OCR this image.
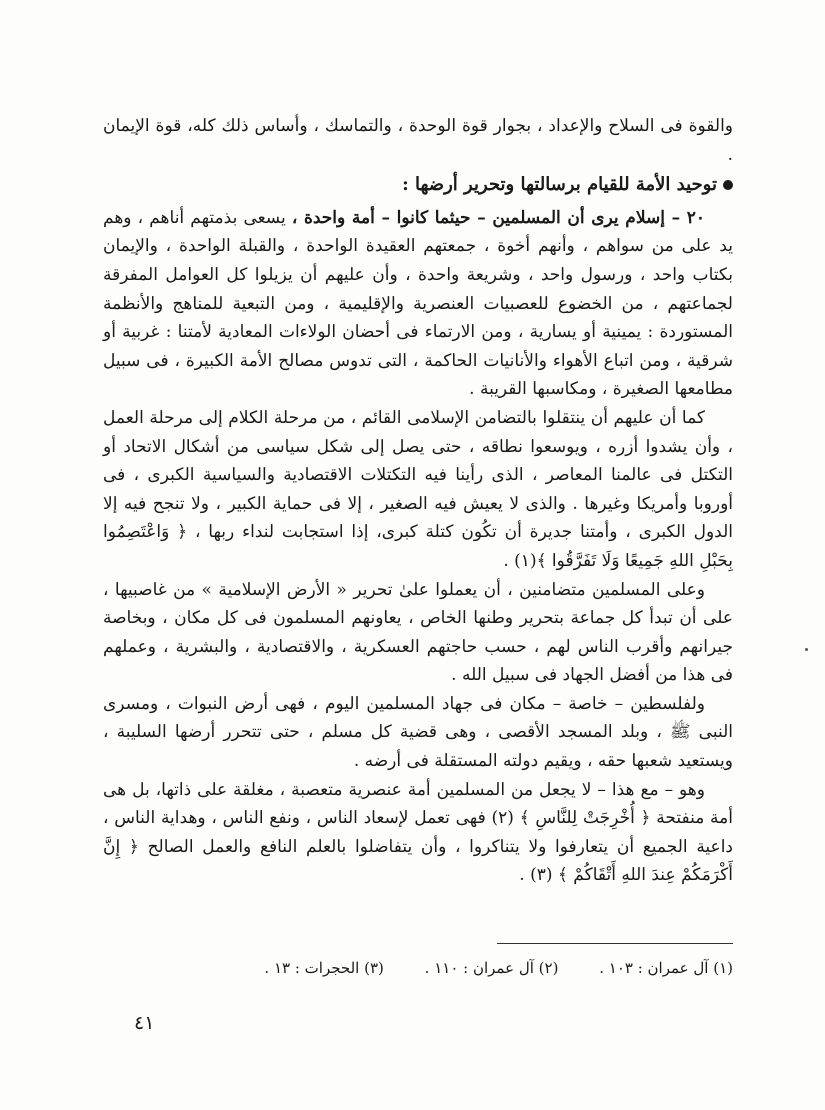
والقوة فى السلاح والإعداد ، بجوار قوة الوحدة ، والتماسك ، وأساس ذلك كله، قوة الإيمان .

توحيد الأمة للقيام برسالتها وتحرير أرضها :

٢٠ – إسلام يرى أن المسلمين – حيثما كانوا – أمة واحدة ، يسعى بذمتهم أناهم ، وهم يد على من سواهم ، وأنهم أخوة ، جمعتهم العقيدة الواحدة ، والقبلة الواحدة ، والإيمان بكتاب واحد ، ورسول واحد ، وشريعة واحدة ، وأن عليهم أن يزيلوا كل العوامل المفرقة لجماعتهم ، من الخضوع للعصبيات العنصرية والإقليمية ، ومن التبعية للمناهج والأنظمة المستوردة : يمينية أو يسارية ، ومن الارتماء فى أحضان الولاءات المعادية لأمتنا : غربية أو شرقية ، ومن اتباع الأهواء والأنانيات الحاكمة ، التى تدوس مصالح الأمة الكبيرة ، فى سبيل مطامعها الصغيرة ، ومكاسبها القريبة .

كما أن عليهم أن ينتقلوا بالتضامن الإسلامى القائم ، من مرحلة الكلام إلى مرحلة العمل ، وأن يشدوا أزره ، ويوسعوا نطاقه ، حتى يصل إلى شكل سياسى من أشكال الاتحاد أو التكتل فى عالمنا المعاصر ، الذى رأينا فيه التكتلات الاقتصادية والسياسية الكبرى ، فى أوروبا وأمريكا وغيرها . والذى لا يعيش فيه الصغير ، إلا فى حماية الكبير ، ولا تنجح فيه إلا الدول الكبرى ، وأمتنا جديرة أن تكُون كتلة كبرى، إذا استجابت لنداء ربها ، ﴿ وَاعْتَصِمُوا بِحَبْلِ اللهِ جَمِيعًا وَلَا تَفَرَّقُوا ﴾(١) .

وعلى المسلمين متضامنين ، أن يعملوا علىٰ تحرير « الأرض الإسلامية » من غاصبيها ، على أن تبدأ كل جماعة بتحرير وطنها الخاص ، يعاونهم المسلمون فى كل مكان ، وبخاصة جيرانهم وأقرب الناس لهم ، حسب حاجتهم العسكرية ، والاقتصادية ، والبشرية ، وعملهم فى هذا من أفضل الجهاد فى سبيل الله .

ولفلسطين – خاصة – مكان فى جهاد المسلمين اليوم ، فهى أرض النبوات ، ومسرى النبى ﷺ ، وبلد المسجد الأقصى ، وهى قضية كل مسلم ، حتى تتحرر أرضها السليبة ، ويستعيد شعبها حقه ، ويقيم دولته المستقلة فى أرضه .

وهو – مع هذا – لا يجعل من المسلمين أمة عنصرية متعصبة ، مغلقة على ذاتها، بل هى أمة منفتحة ﴿ أُخْرِجَتْ لِلنَّاسِ ﴾ (٢) فهى تعمل لإسعاد الناس ، ونفع الناس ، وهداية الناس ، داعية الجميع أن يتعارفوا ولا يتناكروا ، وأن يتفاضلوا بالعلم النافع والعمل الصالح ﴿ إِنَّ أَكْرَمَكُمْ عِندَ اللهِ أَتْقَاكُمْ ﴾ (٣) .

(١) آل عمران : ١٠٣ . (٢) آل عمران : ١١٠ . (٣) الحجرات : ١٣ .
٤١
